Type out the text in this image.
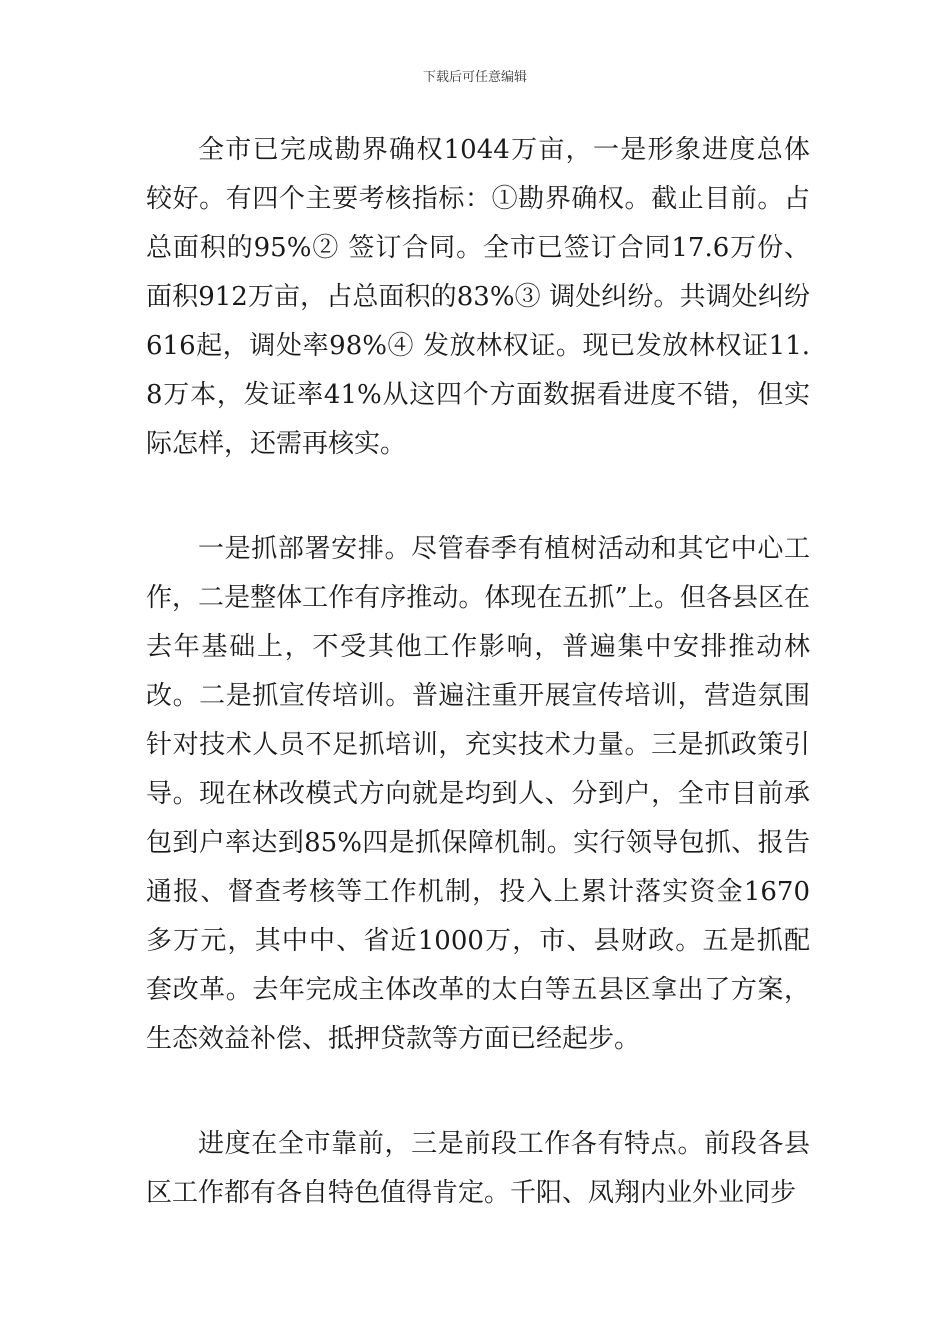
下载后可任意编辑

全市已完成勘界确权1044万亩，一是形象进度总体较好。有四个主要考核指标：①勘界确权。截止目前。占总面积的95%② 签订合同。全市已签订合同17.6万份、面积912万亩，占总面积的83%③ 调处纠纷。共调处纠纷616起，调处率98%④ 发放林权证。现已发放林权证11.8万本，发证率41%从这四个方面数据看进度不错，但实际怎样，还需再核实。

一是抓部署安排。尽管春季有植树活动和其它中心工作，二是整体工作有序推动。体现在五抓”上。但各县区在去年基础上，不受其他工作影响，普遍集中安排推动林改。二是抓宣传培训。普遍注重开展宣传培训，营造氛围针对技术人员不足抓培训，充实技术力量。三是抓政策引导。现在林改模式方向就是均到人、分到户，全市目前承包到户率达到85%四是抓保障机制。实行领导包抓、报告通报、督查考核等工作机制，投入上累计落实资金1670多万元，其中中、省近1000万，市、县财政。五是抓配套改革。去年完成主体改革的太白等五县区拿出了方案，生态效益补偿、抵押贷款等方面已经起步。

进度在全市靠前，三是前段工作各有特点。前段各县区工作都有各自特色值得肯定。千阳、凤翔内业外业同步
